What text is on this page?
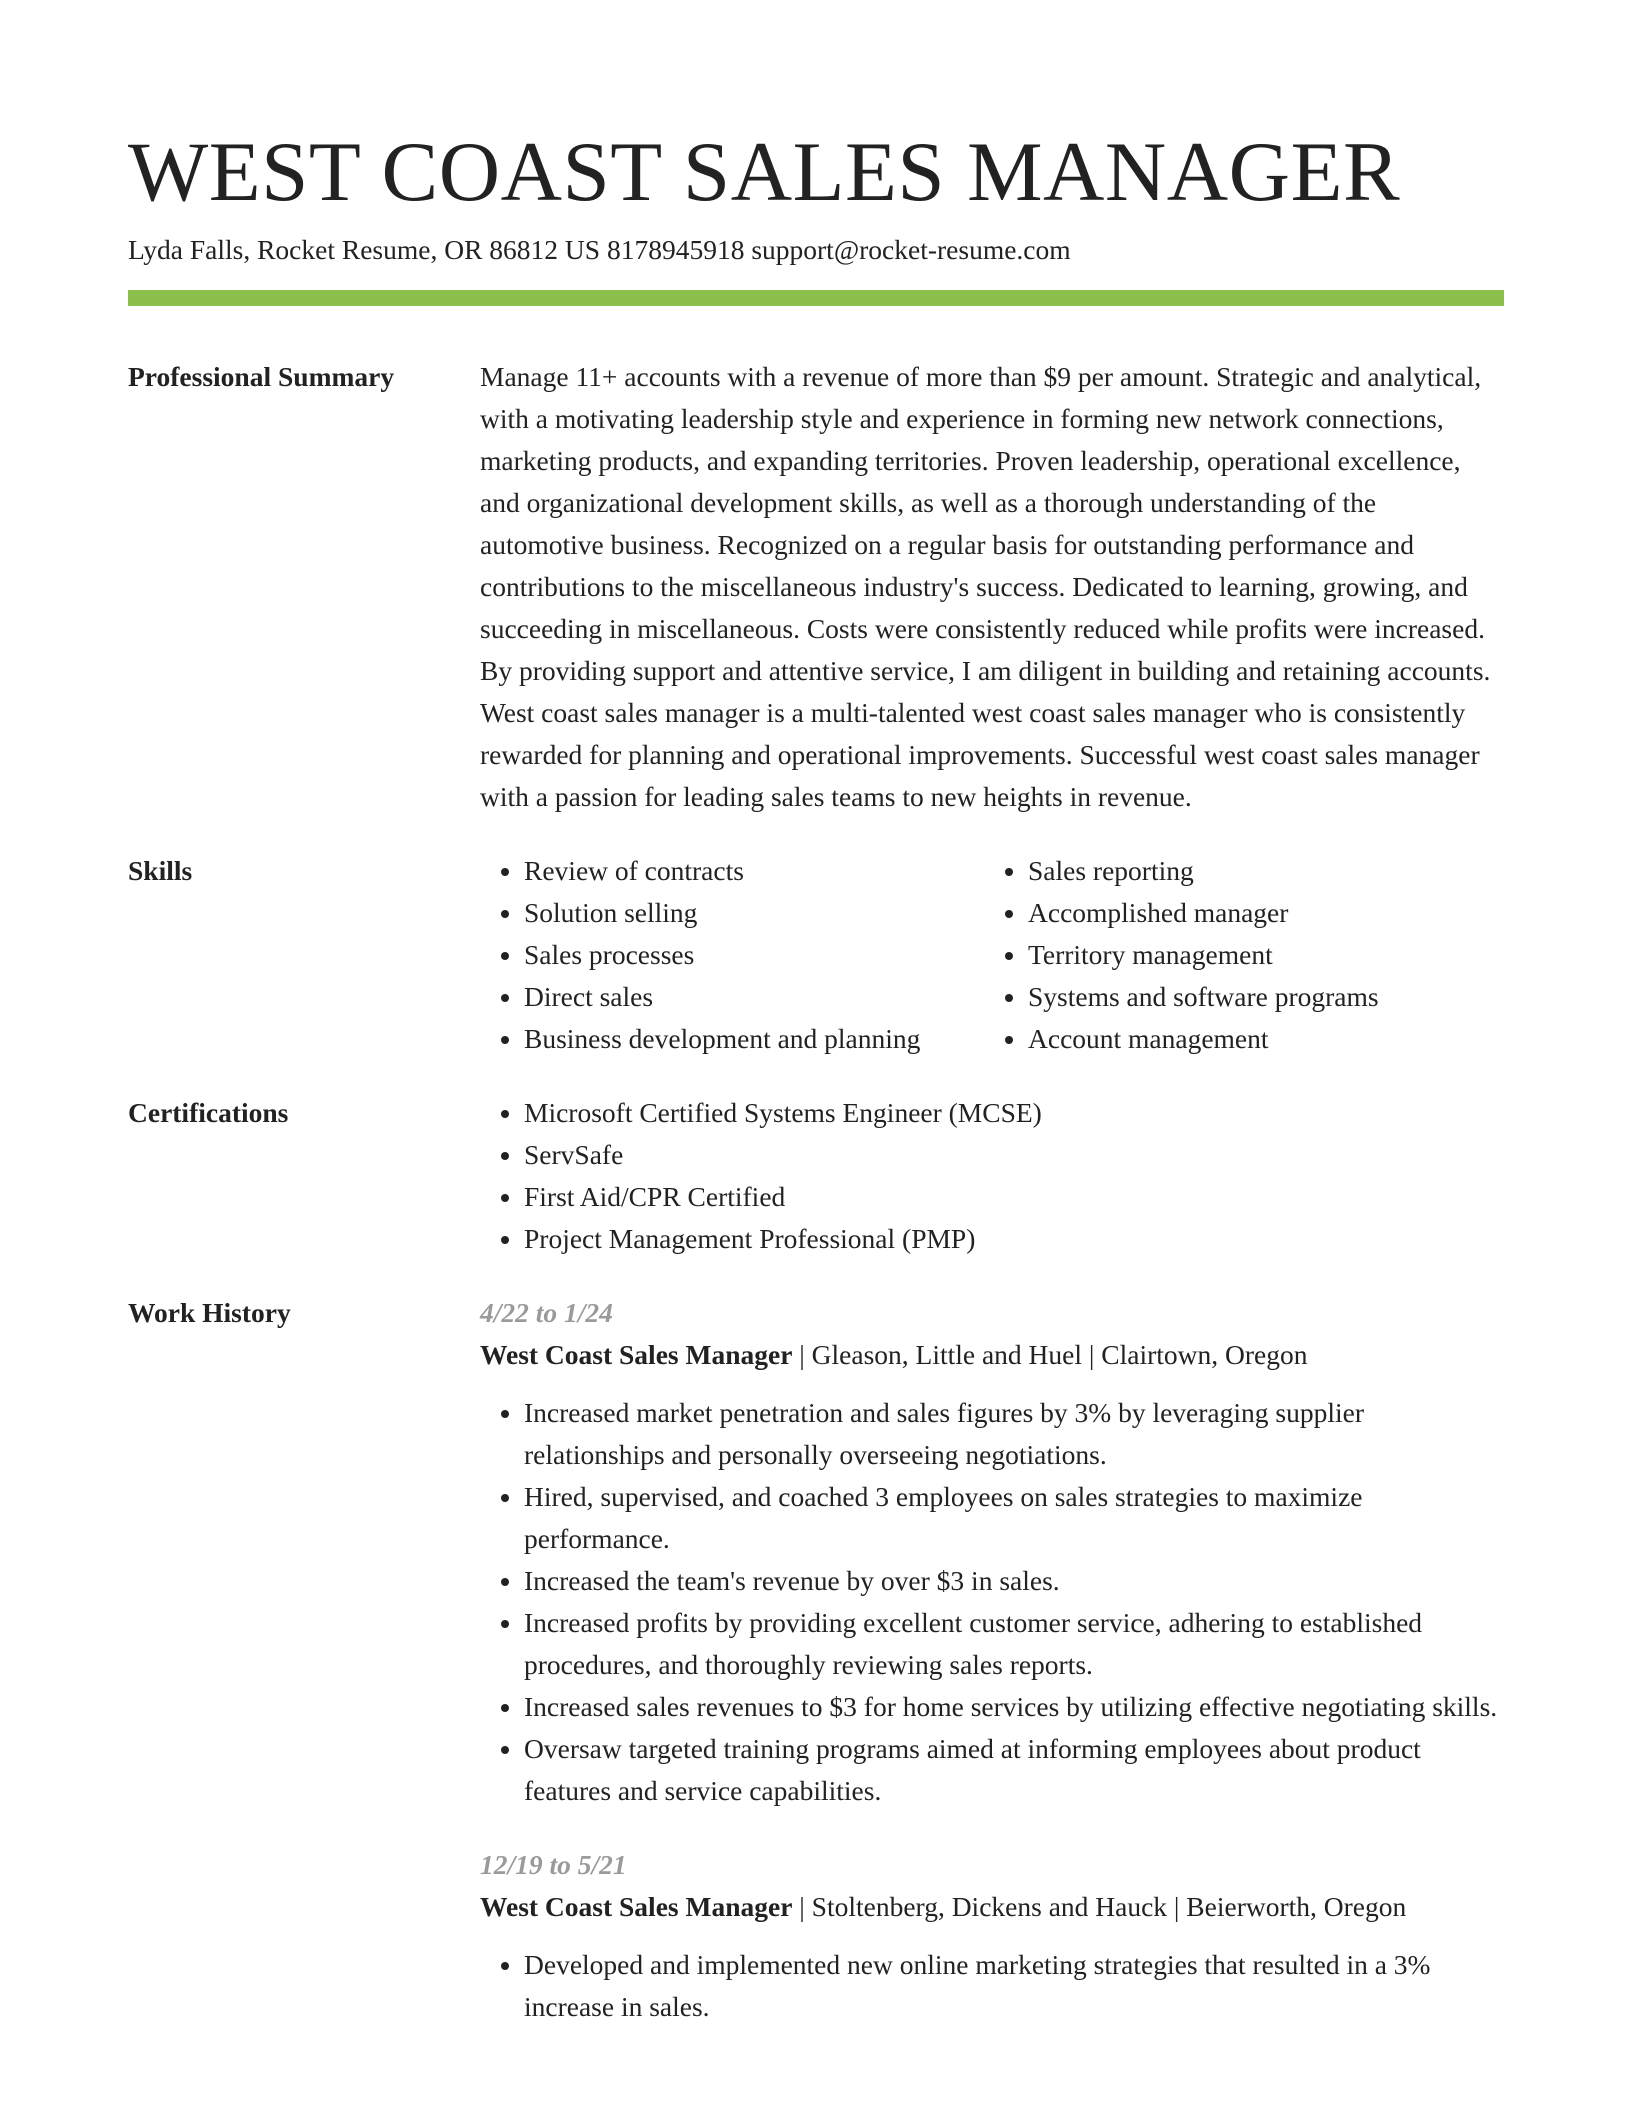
WEST COAST SALES MANAGER
Lyda Falls, Rocket Resume, OR 86812 US 8178945918 support@rocket-resume.com
Professional Summary	Manage 11+ accounts with a revenue of more than $9 per amount. Strategic and analytical, with a motivating leadership style and experience in forming new network connections, marketing products, and expanding territories. Proven leadership, operational excellence, and organizational development skills, as well as a thorough understanding of the automotive business. Recognized on a regular basis for outstanding performance and contributions to the miscellaneous industry's success. Dedicated to learning, growing, and succeeding in miscellaneous. Costs were consistently reduced while profits were increased. By providing support and attentive service, I am diligent in building and retaining accounts. West coast sales manager is a multi-talented west coast sales manager who is consistently rewarded for planning and operational improvements. Successful west coast sales manager with a passion for leading sales teams to new heights in revenue.
Skills	• Review of contracts
• Solution selling
• Sales processes
• Direct sales
• Business development and planning
• Sales reporting
• Accomplished manager
• Territory management
• Systems and software programs
• Account management
Certifications	• Microsoft Certified Systems Engineer (MCSE)
• ServSafe
• First Aid/CPR Certified
• Project Management Professional (PMP)
Work History	4/22 to 1/24
West Coast Sales Manager | Gleason, Little and Huel | Clairtown, Oregon
• Increased market penetration and sales figures by 3% by leveraging supplier relationships and personally overseeing negotiations.
• Hired, supervised, and coached 3 employees on sales strategies to maximize performance.
• Increased the team's revenue by over $3 in sales.
• Increased profits by providing excellent customer service, adhering to established procedures, and thoroughly reviewing sales reports.
• Increased sales revenues to $3 for home services by utilizing effective negotiating skills.
• Oversaw targeted training programs aimed at informing employees about product features and service capabilities.
12/19 to 5/21
West Coast Sales Manager | Stoltenberg, Dickens and Hauck | Beierworth, Oregon
• Developed and implemented new online marketing strategies that resulted in a 3% increase in sales.
